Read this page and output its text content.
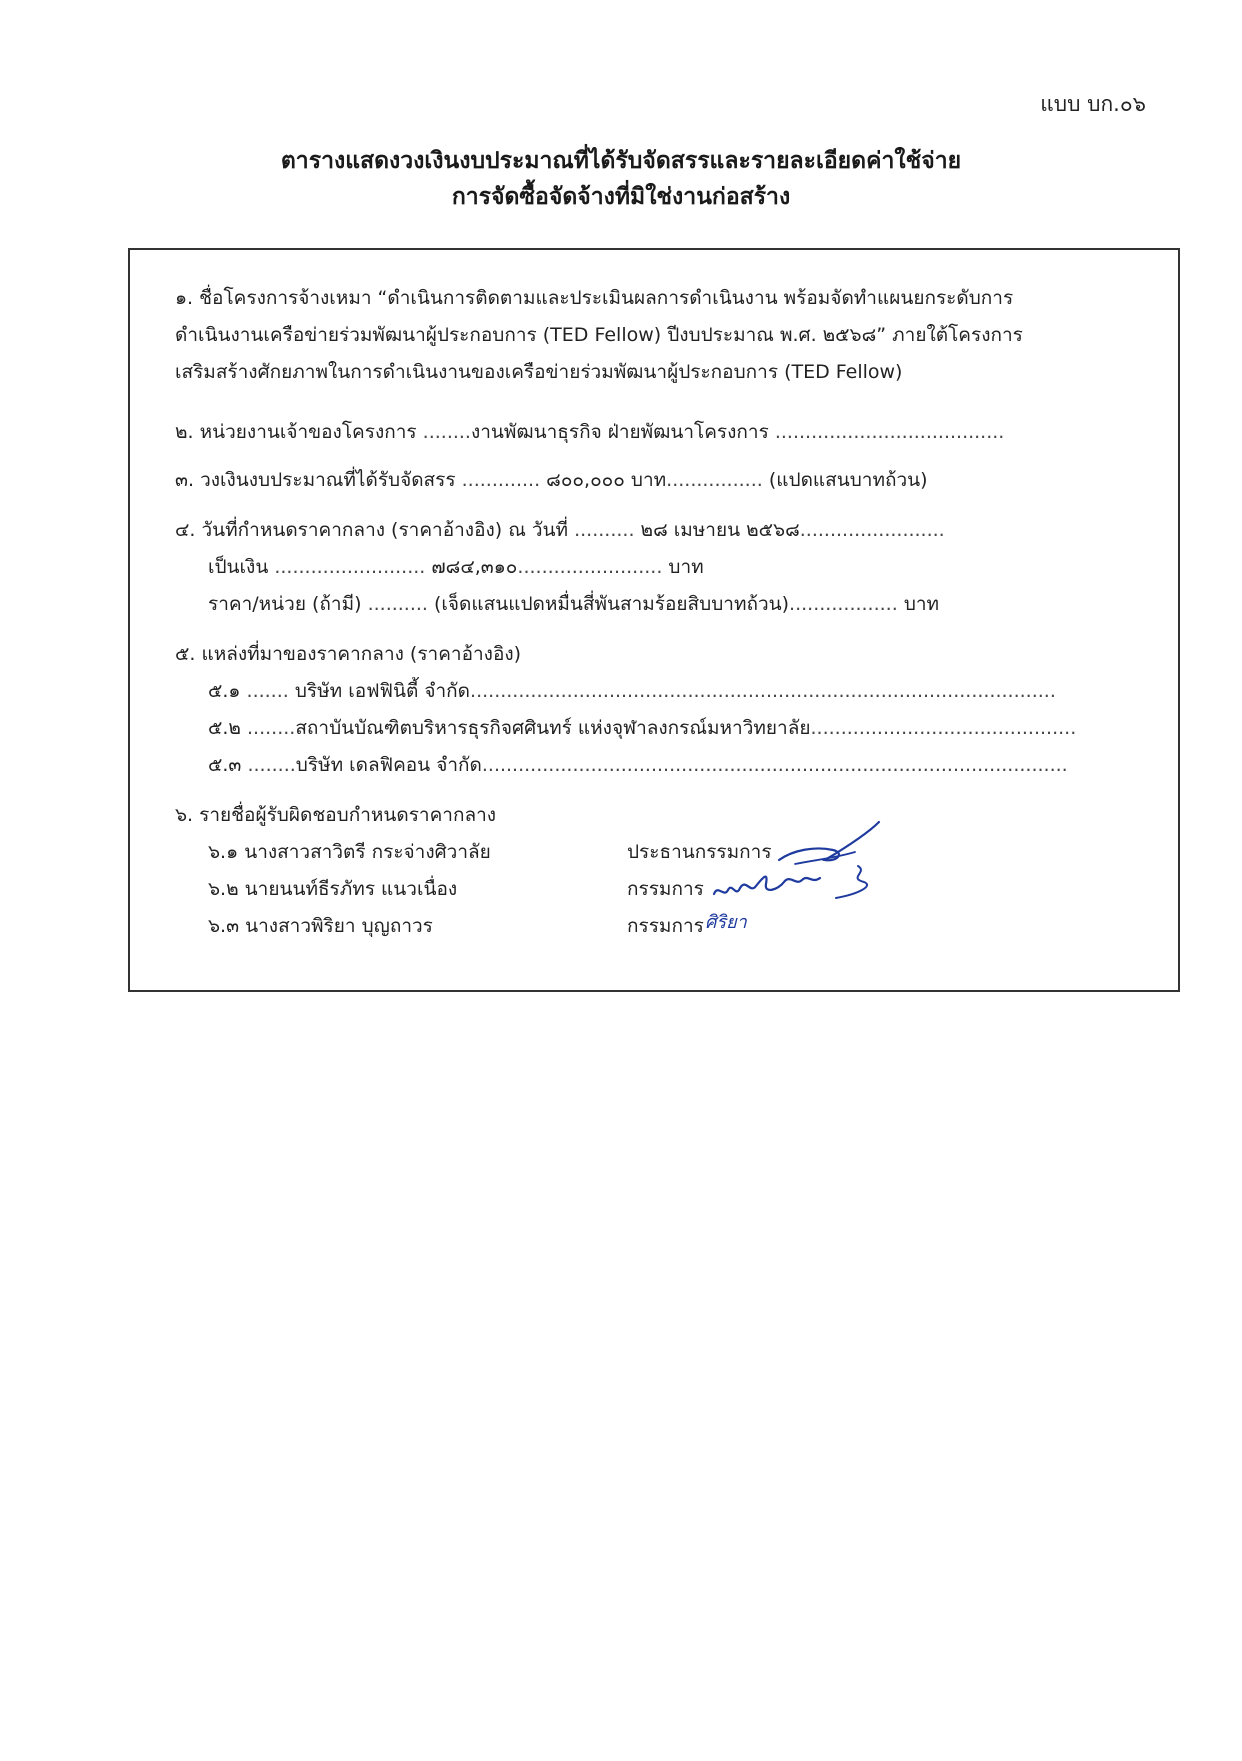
แบบ บก.๐๖

ตารางแสดงวงเงินงบประมาณที่ได้รับจัดสรรและรายละเอียดค่าใช้จ่าย

การจัดซื้อจัดจ้างที่มิใช่งานก่อสร้าง

๑. ชื่อโครงการจ้างเหมา “ดำเนินการติดตามและประเมินผลการดำเนินงาน พร้อมจัดทำแผนยกระดับการ

ดำเนินงานเครือข่ายร่วมพัฒนาผู้ประกอบการ (TED Fellow) ปีงบประมาณ พ.ศ. ๒๕๖๘” ภายใต้โครงการ

เสริมสร้างศักยภาพในการดำเนินงานของเครือข่ายร่วมพัฒนาผู้ประกอบการ (TED Fellow)

๒. หน่วยงานเจ้าของโครงการ ........งานพัฒนาธุรกิจ ฝ่ายพัฒนาโครงการ ......................................

๓. วงเงินงบประมาณที่ได้รับจัดสรร ............. ๘๐๐,๐๐๐ บาท................ (แปดแสนบาทถ้วน)

๔. วันที่กำหนดราคากลาง (ราคาอ้างอิง) ณ วันที่ .......... ๒๘ เมษายน ๒๕๖๘........................

เป็นเงิน ......................... ๗๘๔,๓๑๐........................ บาท

ราคา/หน่วย (ถ้ามี) .......... (เจ็ดแสนแปดหมื่นสี่พันสามร้อยสิบบาทถ้วน).................. บาท

๕. แหล่งที่มาของราคากลาง (ราคาอ้างอิง)

๕.๑ ....... บริษัท เอฟฟินิตี้ จำกัด.................................................................................................

๕.๒ ........สถาบันบัณฑิตบริหารธุรกิจศศินทร์ แห่งจุฬาลงกรณ์มหาวิทยาลัย............................................

๕.๓ ........บริษัท เดลฟิคอน จำกัด.................................................................................................

๖. รายชื่อผู้รับผิดชอบกำหนดราคากลาง

๖.๑ นางสาวสาวิตรี กระจ่างศิวาลัย
๖.๒ นายนนท์ธีรภัทร แนวเนื่อง
๖.๓ นางสาวพิริยา บุญถาวร
ประธานกรรมการ
กรรมการ
กรรมการ ศิริยา
